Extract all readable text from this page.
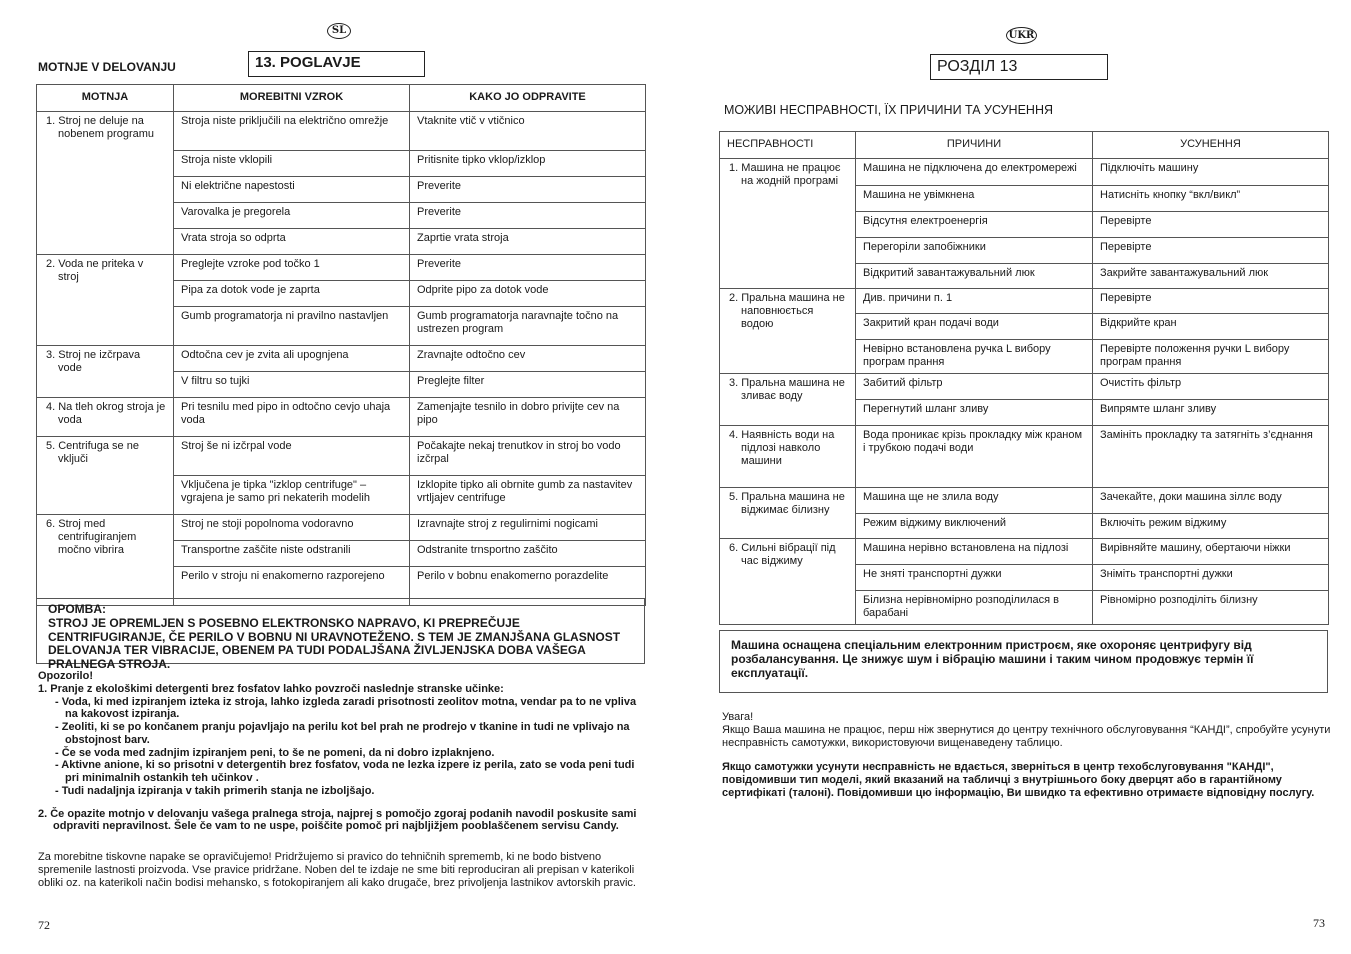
SL
MOTNJE V DELOVANJU	13. POGLAVJE
MOTNJA	MOREBITNI VZROK	KAKO JO ODPRAVITE

1. Stroj ne deluje na nobenem programu	Stroja niste priključili na električno omrežje	Vtaknite vtič v vtičnico
	Stroja niste vklopili	Pritisnite tipko vklop/izklop
	Ni električne napestosti	Preverite
	Varovalka je pregorela	Preverite
	Vrata stroja so odprta	Zaprtie vrata stroja

2. Voda ne priteka v stroj	Preglejte vzroke pod točko 1	Preverite
	Pipa za dotok vode je zaprta	Odprite pipo za dotok vode
	Gumb programatorja ni pravilno nastavljen	Gumb programatorja naravnajte točno na ustrezen program

3. Stroj ne izčrpava vode	Odtočna cev je zvita ali upognjena	Zravnajte odtočno cev
	V filtru so tujki	Preglejte filter

4. Na tleh okrog stroja je voda	Pri tesnilu med pipo in odtočno cevjo uhaja voda	Zamenjajte tesnilo in dobro privijte cev na pipo

5. Centrifuga se ne vključi	Stroj še ni izčrpal vode	Počakajte nekaj trenutkov in stroj bo vodo izčrpal
	Vključena je tipka "izklop centrifuge" – vgrajena je samo pri nekaterih modelih	Izklopite tipko ali obrnite gumb za nastavitev vrtljajev centrifuge

6. Stroj med centrifugiranjem močno vibrira	Stroj ne stoji popolnoma vodoravno	Izravnajte stroj z regulirnimi nogicami
	Transportne zaščite niste odstranili	Odstranite trnsportno zaščito
	Perilo v stroju ni enakomerno razporejeno	Perilo v bobnu enakomerno porazdelite
OPOMBA:
STROJ JE OPREMLJEN S POSEBNO ELEKTRONSKO NAPRAVO, KI PREPREČUJE CENTRIFUGIRANJE, ČE PERILO V BOBNU NI URAVNOTEŽENO. S TEM JE ZMANJŠANA GLASNOST DELOVANJA TER VIBRACIJE, OBENEM PA TUDI PODALJŠANA ŽIVLJENJSKA DOBA VAŠEGA PRALNEGA STROJA.
Opozorilo!
1. Pranje z ekološkimi detergenti brez fosfatov lahko povzroči naslednje stranske učinke:
- Voda, ki med izpiranjem izteka iz stroja, lahko izgleda zaradi prisotnosti zeolitov motna, vendar pa to ne vpliva na kakovost izpiranja.
- Zeoliti, ki se po končanem pranju pojavljajo na perilu kot bel prah ne prodrejo v tkanine in tudi ne vplivajo na obstojnost barv.
- Če se voda med zadnjim izpiranjem peni, to še ne pomeni, da ni dobro izplaknjeno.
- Aktivne anione, ki so prisotni v detergentih brez fosfatov, voda ne lezka izpere iz perila, zato se voda peni tudi pri minimalnih ostankih teh učinkov .
- Tudi nadaljnja izpiranja v takih primerih stanja ne izboljšajo.
2. Če opazite motnjo v delovanju vašega pralnega stroja, najprej s pomočjo zgoraj podanih navodil poskusite sami odpraviti nepravilnost. Šele če vam to ne uspe, poiščite pomoč pri najbljižjem pooblaščenem servisu Candy.
Za morebitne tiskovne napake se opravičujemo! Pridržujemo si pravico do tehničnih sprememb, ki ne bodo bistveno spremenile lastnosti proizvoda. Vse pravice pridržane. Noben del te izdaje ne sme biti reproduciran ali prepisan v katerikoli obliki oz. na katerikoli način bodisi mehansko, s fotokopiranjem ali kako drugače, brez privoljenja lastnikov avtorskih pravic.
72
UKR
РОЗДІЛ 13
МОЖИВІ НЕСПРАВНОСТІ, ЇХ ПРИЧИНИ ТА УСУНЕННЯ
НЕСПРАВНОСТІ	ПРИЧИНИ	УСУНЕННЯ

1. Машина не працює на жодній програмі	Машина не підключена до електромережі	Підключіть машину
	Машина не увімкнена	Натисніть кнопку “вкл/викл”
	Відсутня електроенергія	Перевірте
	Перегоріли запобіжники	Перевірте
	Відкритий завантажувальний люк	Закрийте завантажувальний люк

2. Пральна машина не наповнюється водою	Див. причини п. 1	Перевірте
	Закритий кран подачі води	Відкрийте кран
	Невірно встановлена ручка L вибору програм прання	Перевірте положення ручки L вибору програм прання

3. Пральна машина не зливає воду	Забитий фільтр	Очистіть фільтр
	Перегнутий шланг зливу	Випрямте шланг зливу

4. Наявність води на підлозі навколо машини	Вода проникає крізь прокладку між краном і трубкою подачі води	Замініть прокладку та затягніть з’єднання

5. Пральна машина не віджимає білизну	Машина ще не злила воду	Зачекайте, доки машина зіллє воду
	Режим віджиму виключений	Включіть режим віджиму

6. Сильні вібрації під час віджиму	Машина нерівно встановлена на підлозі	Вирівняйте машину, обертаючи ніжки
	Не зняті транспортні дужки	Зніміть транспортні дужки
	Білизна нерівномірно розподілилася в барабані	Рівномірно розподіліть білизну
Машина оснащена спеціальним електронним пристроєм, яке охороняє центрифугу від розбалансування. Це знижує шум і вібрацію машини і таким чином продовжує термін її експлуатації.
Увага!
Якщо Ваша машина не працює, перш ніж звернутися до центру технічного обслуговування “КАНДІ”, спробуйте усунути несправність самотужки, використовуючи вищенаведену таблицю.
Якщо самотужки усунути несправність не вдається, зверніться в центр техобслуговування "КАНДІ", повідомивши тип моделі, який вказаний на табличці з внутрішнього боку дверцят або в гарантійному сертифікаті (талоні). Повідомивши цю інформацію, Ви швидко та ефективно отримаєте відповідну послугу.
73
